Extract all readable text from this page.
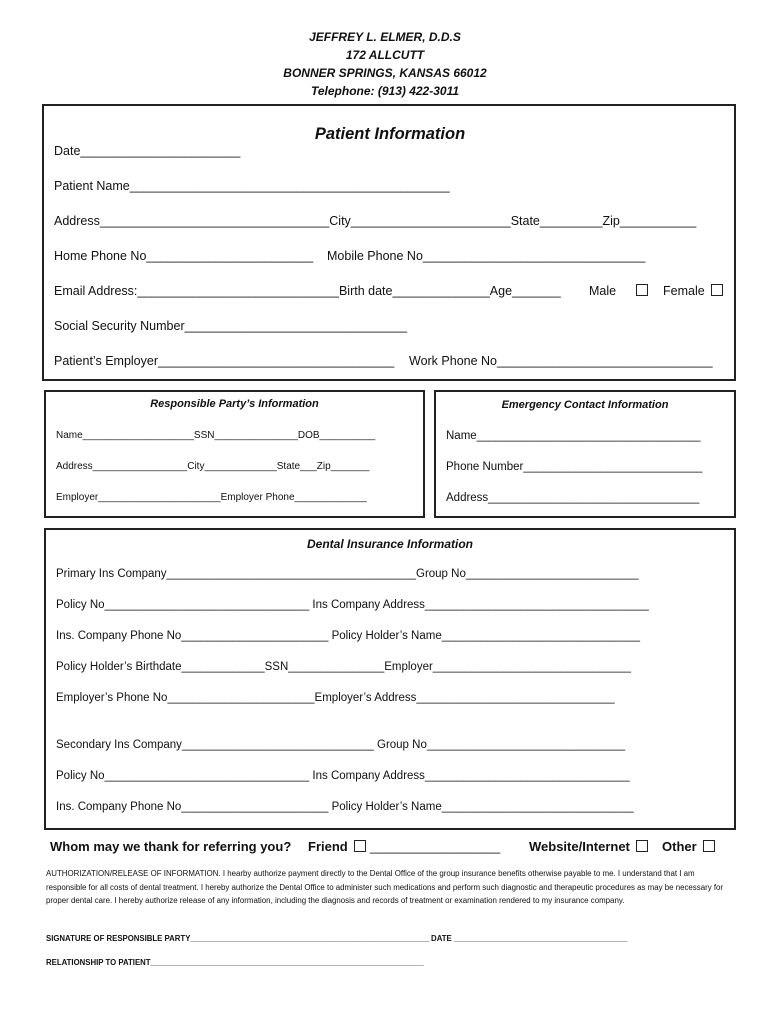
JEFFREY L. ELMER, D.D.S
172 ALLCUTT
BONNER SPRINGS, KANSAS 66012
Telephone: (913) 422-3011
Patient Information
Date_______________________
Patient Name______________________________________________
Address_________________________________City_______________________State_________Zip___________
Home Phone No________________________ Mobile Phone No________________________________
Email Address:_____________________________Birth date______________Age_______ Male	Female
Social Security Number________________________________
Patient’s Employer__________________________________ Work Phone No_______________________________
Responsible Party’s Information
Name____________________SSN_______________DOB__________
Address_________________City_____________State___Zip_______
Employer______________________Employer Phone_____________
Emergency Contact Information
Name___________________________________
Phone Number____________________________
Address_________________________________
Dental Insurance Information
Primary Ins Company_______________________________________Group No___________________________
Policy No________________________________ Ins Company Address___________________________________
Ins. Company Phone No_______________________ Policy Holder’s Name_______________________________
Policy Holder’s Birthdate_____________SSN_______________Employer_______________________________
Employer’s Phone No_______________________Employer’s Address_______________________________
Secondary Ins Company______________________________ Group No_______________________________
Policy No________________________________ Ins Company Address________________________________
Ins. Company Phone No_______________________ Policy Holder’s Name______________________________
Whom may we thank for referring you? Friend	__________________ Website/Internet	Other
AUTHORIZATION/RELEASE OF INFORMATION. I hearby authorize payment directly to the Dental Office of the group insurance benefits otherwise payable to me. I understand that I am responsible for all costs of dental treatment. I hereby authorize the Dental Office to administer such medications and perform such diagnostic and therapeutic procedures as may be necessary for proper dental care. I hereby authorize release of any information, including the diagnosis and records of treatment or examination rendered to my insurance company.
SIGNATURE OF RESPONSIBLE PARTY_______________________________________________________ DATE ________________________________________
RELATIONSHIP TO PATIENT_______________________________________________________________
